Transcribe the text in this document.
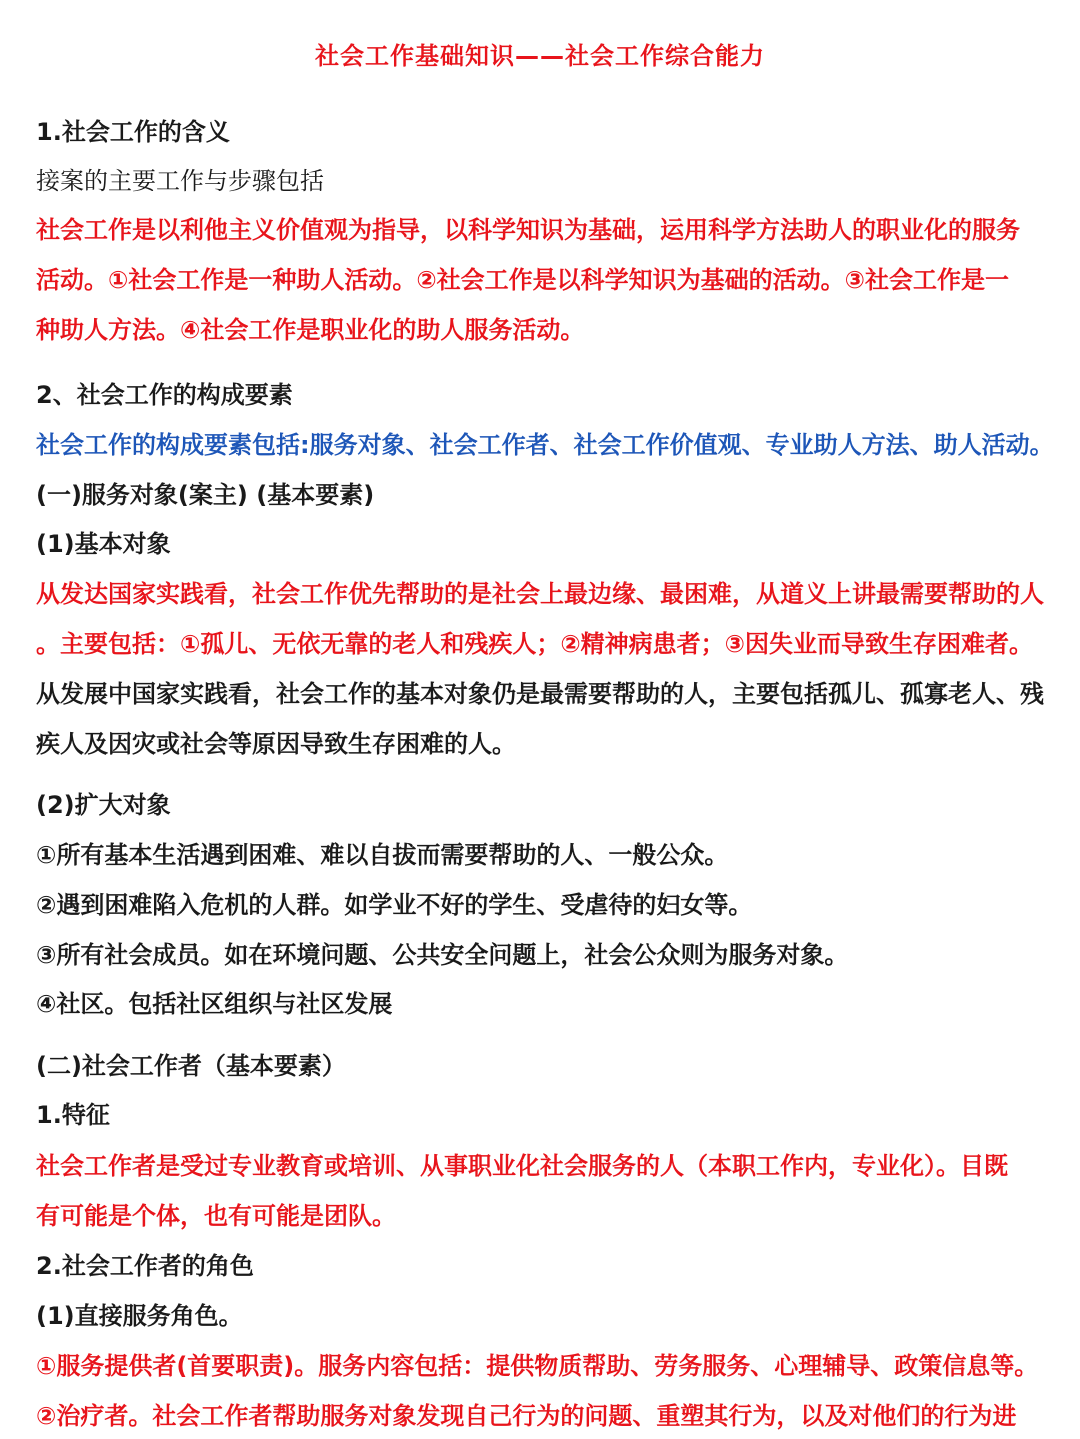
社会工作基础知识——社会工作综合能力
1.社会工作的含义
接案的主要工作与步骤包括
社会工作是以利他主义价值观为指导，以科学知识为基础，运用科学方法助人的职业化的服务
活动。①社会工作是一种助人活动。②社会工作是以科学知识为基础的活动。③社会工作是一
种助人方法。④社会工作是职业化的助人服务活动。
2、社会工作的构成要素
社会工作的构成要素包括:服务对象、社会工作者、社会工作价值观、专业助人方法、助人活动。
(一)服务对象(案主) (基本要素)
(1)基本对象
从发达国家实践看，社会工作优先帮助的是社会上最边缘、最困难，从道义上讲最需要帮助的人
。主要包括：①孤儿、无依无靠的老人和残疾人；②精神病患者；③因失业而导致生存困难者。
从发展中国家实践看，社会工作的基本对象仍是最需要帮助的人，主要包括孤儿、孤寡老人、残
疾人及因灾或社会等原因导致生存困难的人。
(2)扩大对象
①所有基本生活遇到困难、难以自拔而需要帮助的人、一般公众。
②遇到困难陷入危机的人群。如学业不好的学生、受虐待的妇女等。
③所有社会成员。如在环境问题、公共安全问题上，社会公众则为服务对象。
④社区。包括社区组织与社区发展
(二)社会工作者（基本要素）
1.特征
社会工作者是受过专业教育或培训、从事职业化社会服务的人（本职工作内，专业化）。目既
有可能是个体，也有可能是团队。
2.社会工作者的角色
(1)直接服务角色。
①服务提供者(首要职责)。服务内容包括：提供物质帮助、劳务服务、心理辅导、政策信息等。
②治疗者。社会工作者帮助服务对象发现自己行为的问题、重塑其行为，以及对他们的行为进
